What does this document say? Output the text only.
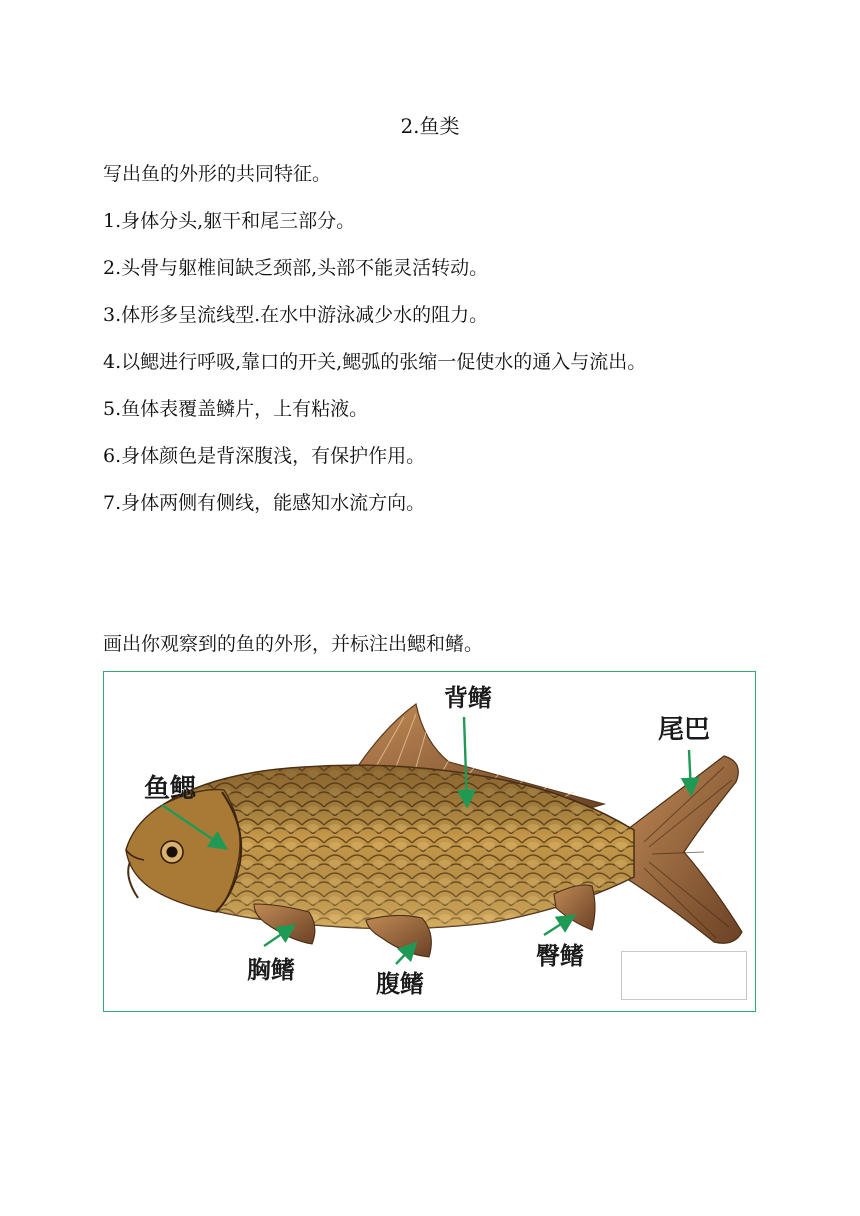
2.鱼类
写出鱼的外形的共同特征。
1.身体分头,躯干和尾三部分。
2.头骨与躯椎间缺乏颈部,头部不能灵活转动。
3.体形多呈流线型.在水中游泳减少水的阻力。
4.以鳃进行呼吸,靠口的开关,鳃弧的张缩一促使水的通入与流出。
5.鱼体表覆盖鳞片，上有粘液。
6.身体颜色是背深腹浅，有保护作用。
7.身体两侧有侧线，能感知水流方向。
画出你观察到的鱼的外形，并标注出鳃和鳍。
背鳍
尾巴
鱼鳃
胸鳍	腹鳍
臀鳍
